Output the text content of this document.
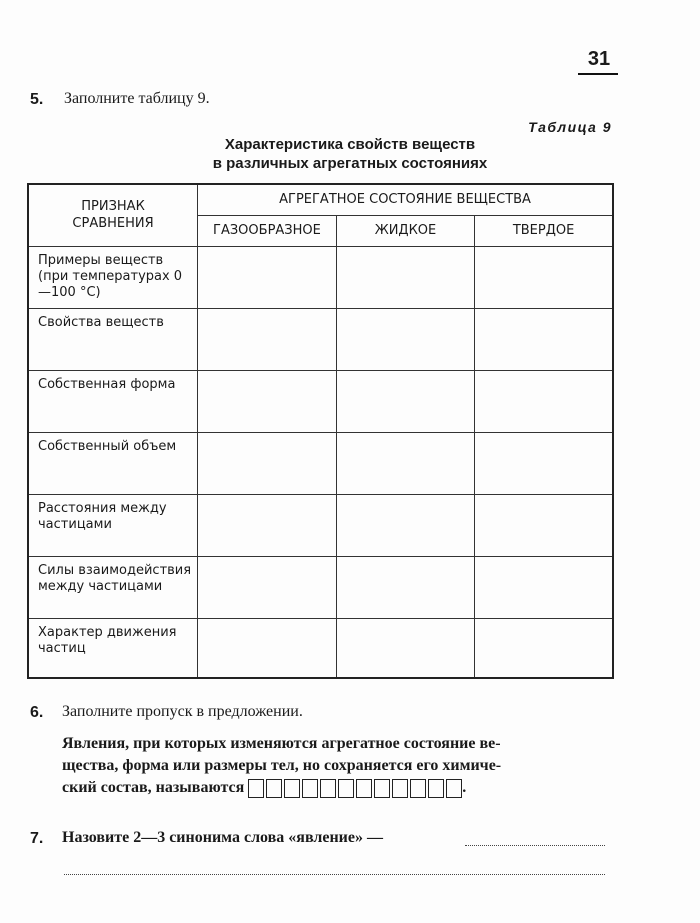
31
5. Заполните таблицу 9.
Таблица 9
Характеристика свойств веществ
в различных агрегатных состояниях
ПРИЗНАК СРАВНЕНИЯ	АГРЕГАТНОЕ СОСТОЯНИЕ ВЕЩЕСТВА		
	ГАЗООБРАЗНОЕ	ЖИДКОЕ	ТВЕРДОЕ
Примеры веществ (при температурах 0—100 °С)			
Свойства веществ			
Собственная форма			
Собственный объем			
Расстояния между частицами			
Силы взаимодействия между частицами			
Характер движения частиц			
6. Заполните пропуск в предложении.
Явления, при которых изменяются агрегатное состояние ве-
щества, форма или размеры тел, но сохраняется его химиче-
ский состав, называются	.
7. Назовите 2—3 синонима слова «явление» —
